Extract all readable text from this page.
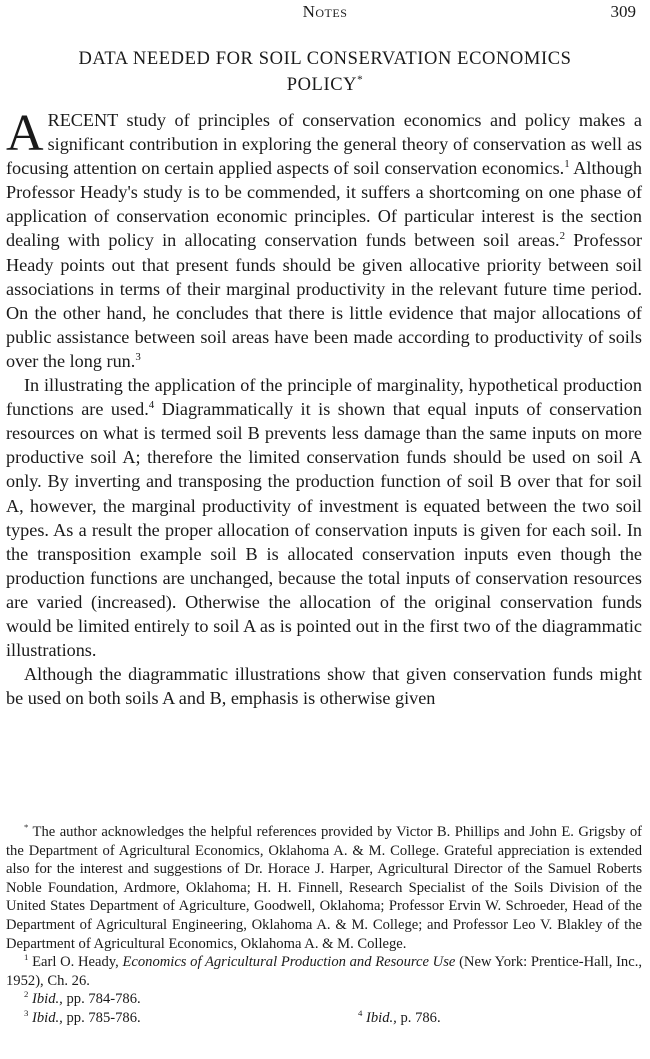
Notes	309
DATA NEEDED FOR SOIL CONSERVATION ECONOMICS
POLICY*

A RECENT study of principles of conservation economics and policy makes a significant contribution in exploring the general theory of conservation as well as focusing attention on certain applied aspects of soil conservation economics.$^1$ Although Professor Heady's study is to be commended, it suffers a shortcoming on one phase of application of conservation economic principles. Of particular interest is the section dealing with policy in allocating conservation funds between soil areas.$^2$ Professor Heady points out that present funds should be given allocative priority between soil associations in terms of their marginal productivity in the relevant future time period. On the other hand, he concludes that there is little evidence that major allocations of public assistance between soil areas have been made according to productivity of soils over the long run.$^3$

In illustrating the application of the principle of marginality, hypothetical production functions are used.$^4$ Diagrammatically it is shown that equal inputs of conservation resources on what is termed soil B prevents less damage than the same inputs on more productive soil A; therefore the limited conservation funds should be used on soil A only. By inverting and transposing the production function of soil B over that for soil A, however, the marginal productivity of investment is equated between the two soil types. As a result the proper allocation of conservation inputs is given for each soil. In the transposition example soil B is allocated conservation inputs even though the production functions are unchanged, because the total inputs of conservation resources are varied (increased). Otherwise the allocation of the original conservation funds would be limited entirely to soil A as is pointed out in the first two of the diagrammatic illustrations.

Although the diagrammatic illustrations show that given conservation funds might be used on both soils A and B, emphasis is otherwise given

* The author acknowledges the helpful references provided by Victor B. Phillips and John E. Grigsby of the Department of Agricultural Economics, Oklahoma A. & M. College. Grateful appreciation is extended also for the interest and suggestions of Dr. Horace J. Harper, Agricultural Director of the Samuel Roberts Noble Foundation, Ardmore, Oklahoma; H. H. Finnell, Research Specialist of the Soils Division of the United States Department of Agriculture, Goodwell, Oklahoma; Professor Ervin W. Schroeder, Head of the Department of Agricultural Engineering, Oklahoma A. & M. College; and Professor Leo V. Blakley of the Department of Agricultural Economics, Oklahoma A. & M. College.

$^1$ Earl O. Heady, Economics of Agricultural Production and Resource Use (New York: Prentice-Hall, Inc., 1952), Ch. 26.

$^2$ Ibid., pp. 784-786.

$^3$ Ibid., pp. 785-786.	$^4$ Ibid., p. 786.
